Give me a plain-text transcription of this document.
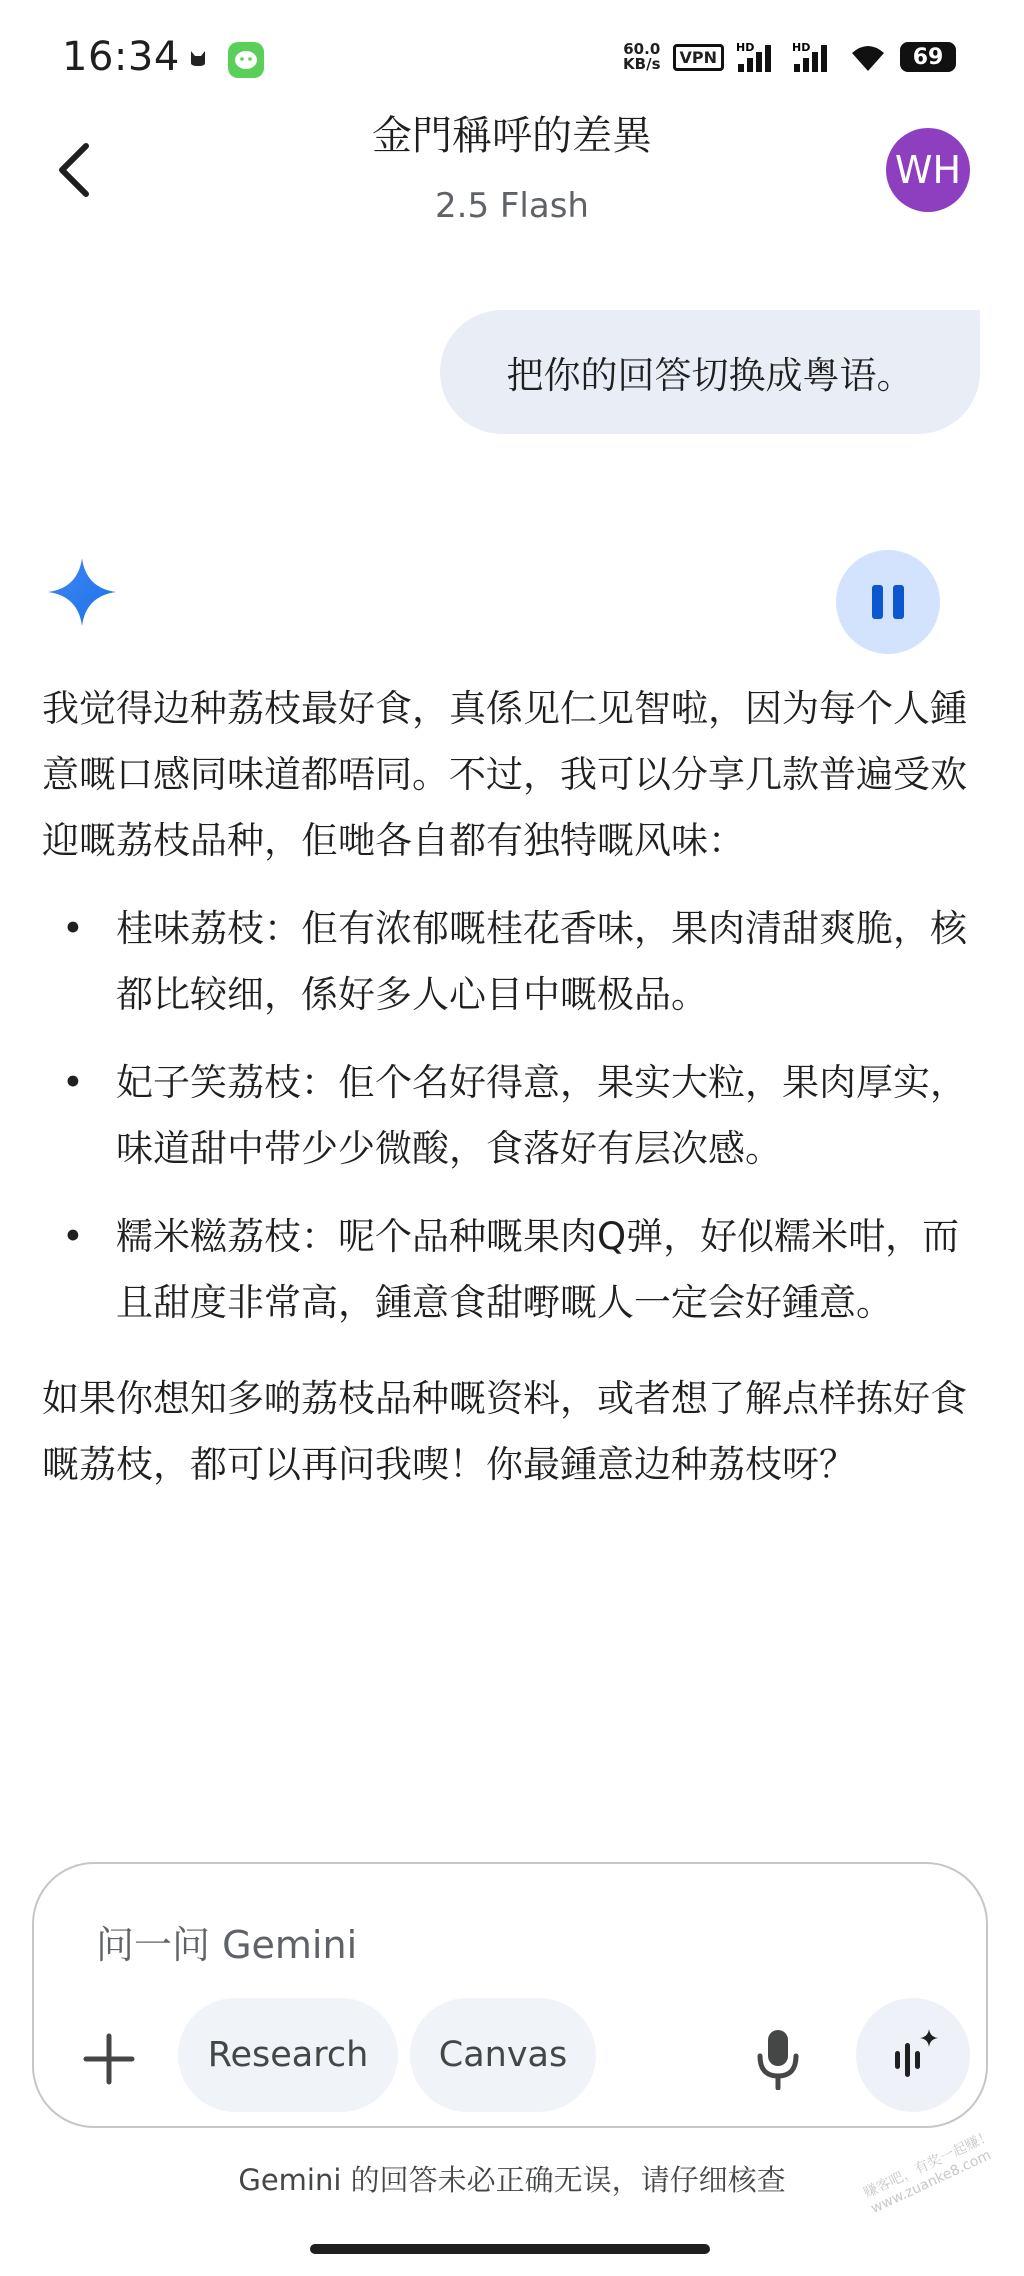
16:34	60.0
KB/s	VPN	HD	HD	69
金門稱呼的差異
2.5 Flash
WH
把你的回答切换成粤语。

我觉得边种荔枝最好食，真係见仁见智啦，因为每个人鍾意嘅口感同味道都唔同。不过，我可以分享几款普遍受欢迎嘅荔枝品种，佢哋各自都有独特嘅风味：

• 桂味荔枝：佢有浓郁嘅桂花香味，果肉清甜爽脆，核都比较细，係好多人心目中嘅极品。
• 妃子笑荔枝：佢个名好得意，果实大粒，果肉厚实，味道甜中带少少微酸，食落好有层次感。
• 糯米糍荔枝：呢个品种嘅果肉Q弹，好似糯米咁，而且甜度非常高，鍾意食甜嘢嘅人一定会好鍾意。

如果你想知多啲荔枝品种嘅资料，或者想了解点样拣好食嘅荔枝，都可以再问我喫！你最鍾意边种荔枝呀？

问一问 Gemini
Research	Canvas
Gemini 的回答未必正确无误，请仔细核查	赚客吧，有奖一起赚！ www.zuanke8.com
